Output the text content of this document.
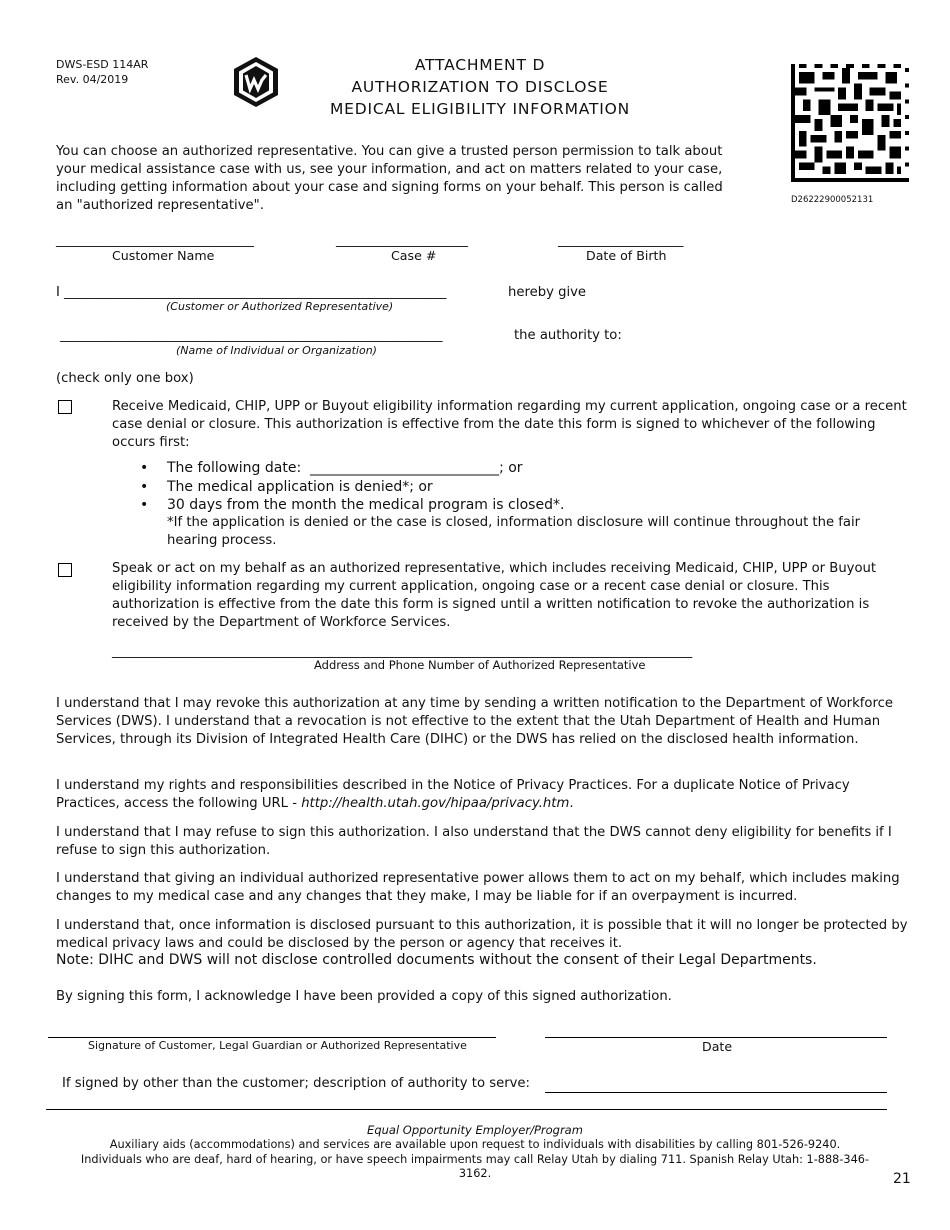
DWS-ESD 114AR
Rev. 04/2019
ATTACHMENT D
AUTHORIZATION TO DISCLOSE
MEDICAL ELIGIBILITY INFORMATION
D26222900052131
You can choose an authorized representative. You can give a trusted person permission to talk about your medical assistance case with us, see your information, and act on matters related to your case, including getting information about your case and signing forms on your behalf. This person is called an "authorized representative".
______________________________
Customer Name
____________________
Case #
___________________
Date of Birth
I __________________________________________________________	hereby give
(Customer or Authorized Representative)
__________________________________________________________	the authority to:
(Name of Individual or Organization)
(check only one box)
Receive Medicaid, CHIP, UPP or Buyout eligibility information regarding my current application, ongoing case or a recent case denial or closure. This authorization is effective from the date this form is signed to whichever of the following occurs first:
• The following date: ___________________________; or
• The medical application is denied*; or
• 30 days from the month the medical program is closed*.
*If the application is denied or the case is closed, information disclosure will continue throughout the fair hearing process.
Speak or act on my behalf as an authorized representative, which includes receiving Medicaid, CHIP, UPP or Buyout eligibility information regarding my current application, ongoing case or a recent case denial or closure. This authorization is effective from the date this form is signed until a written notification to revoke the authorization is received by the Department of Workforce Services.
________________________________________________________________________________________
Address and Phone Number of Authorized Representative
I understand that I may revoke this authorization at any time by sending a written notification to the Department of Workforce Services (DWS). I understand that a revocation is not effective to the extent that the Utah Department of Health and Human Services, through its Division of Integrated Health Care (DIHC) or the DWS has relied on the disclosed health information.
I understand my rights and responsibilities described in the Notice of Privacy Practices. For a duplicate Notice of Privacy Practices, access the following URL - http://health.utah.gov/hipaa/privacy.htm.
I understand that I may refuse to sign this authorization. I also understand that the DWS cannot deny eligibility for benefits if I refuse to sign this authorization.
I understand that giving an individual authorized representative power allows them to act on my behalf, which includes making changes to my medical case and any changes that they make, I may be liable for if an overpayment is incurred.
I understand that, once information is disclosed pursuant to this authorization, it is possible that it will no longer be protected by medical privacy laws and could be disclosed by the person or agency that receives it.
Note: DIHC and DWS will not disclose controlled documents without the consent of their Legal Departments.
By signing this form, I acknowledge I have been provided a copy of this signed authorization.
Signature of Customer, Legal Guardian or Authorized Representative	Date
If signed by other than the customer; description of authority to serve:
Equal Opportunity Employer/Program
Auxiliary aids (accommodations) and services are available upon request to individuals with disabilities by calling 801-526-9240. Individuals who are deaf, hard of hearing, or have speech impairments may call Relay Utah by dialing 711. Spanish Relay Utah: 1-888-346-3162.	21
